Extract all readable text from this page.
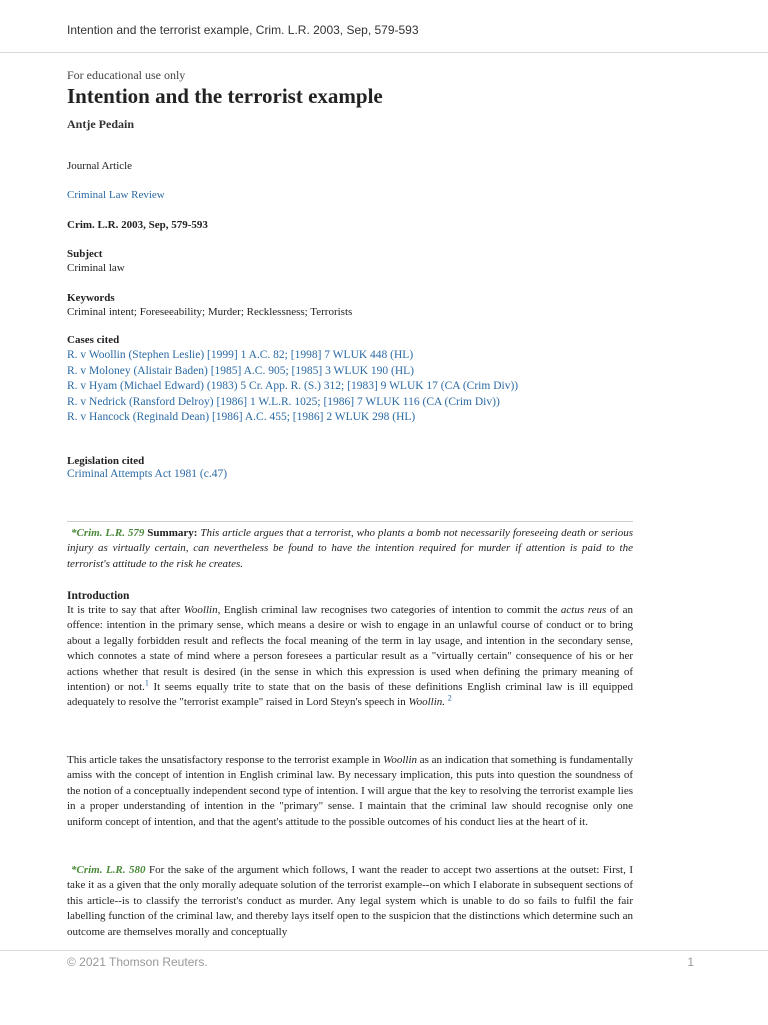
Intention and the terrorist example, Crim. L.R. 2003, Sep, 579-593
For educational use only
Intention and the terrorist example
Antje Pedain
Journal Article
Criminal Law Review
Crim. L.R. 2003, Sep, 579-593
Subject
Criminal law
Keywords
Criminal intent; Foreseeability; Murder; Recklessness; Terrorists
Cases cited
R. v Woollin (Stephen Leslie) [1999] 1 A.C. 82; [1998] 7 WLUK 448 (HL)
R. v Moloney (Alistair Baden) [1985] A.C. 905; [1985] 3 WLUK 190 (HL)
R. v Hyam (Michael Edward) (1983) 5 Cr. App. R. (S.) 312; [1983] 9 WLUK 17 (CA (Crim Div))
R. v Nedrick (Ransford Delroy) [1986] 1 W.L.R. 1025; [1986] 7 WLUK 116 (CA (Crim Div))
R. v Hancock (Reginald Dean) [1986] A.C. 455; [1986] 2 WLUK 298 (HL)
Legislation cited
Criminal Attempts Act 1981 (c.47)
*Crim. L.R. 579 Summary: This article argues that a terrorist, who plants a bomb not necessarily foreseeing death or serious injury as virtually certain, can nevertheless be found to have the intention required for murder if attention is paid to the terrorist's attitude to the risk he creates.
Introduction
It is trite to say that after Woollin, English criminal law recognises two categories of intention to commit the actus reus of an offence: intention in the primary sense, which means a desire or wish to engage in an unlawful course of conduct or to bring about a legally forbidden result and reflects the focal meaning of the term in lay usage, and intention in the secondary sense, which connotes a state of mind where a person foresees a particular result as a "virtually certain" consequence of his or her actions whether that result is desired (in the sense in which this expression is used when defining the primary meaning of intention) or not.$^1$ It seems equally trite to state that on the basis of these definitions English criminal law is ill equipped adequately to resolve the "terrorist example" raised in Lord Steyn's speech in Woollin. $^2$
This article takes the unsatisfactory response to the terrorist example in Woollin as an indication that something is fundamentally amiss with the concept of intention in English criminal law. By necessary implication, this puts into question the soundness of the notion of a conceptually independent second type of intention. I will argue that the key to resolving the terrorist example lies in a proper understanding of intention in the "primary" sense. I maintain that the criminal law should recognise only one uniform concept of intention, and that the agent's attitude to the possible outcomes of his conduct lies at the heart of it.
*Crim. L.R. 580 For the sake of the argument which follows, I want the reader to accept two assertions at the outset: First, I take it as a given that the only morally adequate solution of the terrorist example--on which I elaborate in subsequent sections of this article--is to classify the terrorist's conduct as murder. Any legal system which is unable to do so fails to fulfil the fair labelling function of the criminal law, and thereby lays itself open to the suspicion that the distinctions which determine such an outcome are themselves morally and conceptually
© 2021 Thomson Reuters.	1
